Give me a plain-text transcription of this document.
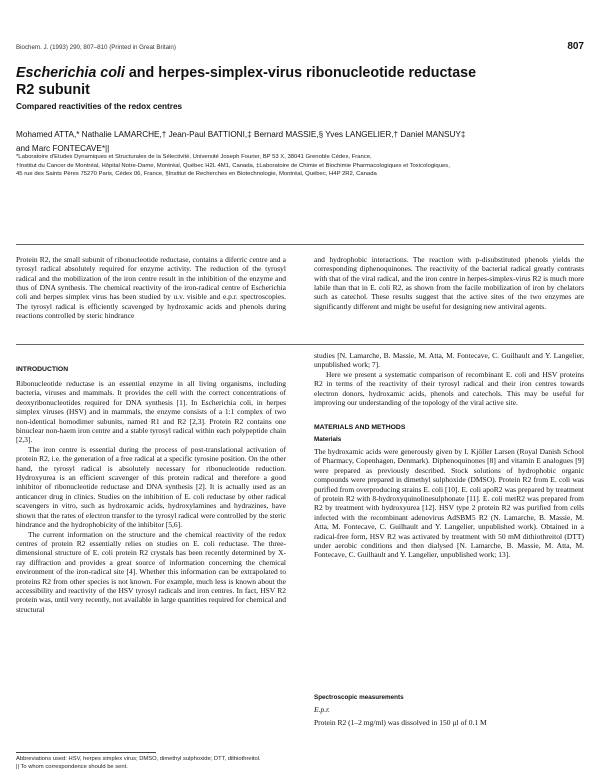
Biochem. J. (1993) 290, 807–810 (Printed in Great Britain)	807
Escherichia coli and herpes-simplex-virus ribonucleotide reductase
R2 subunit
Compared reactivities of the redox centres
Mohamed ATTA,* Nathalie LAMARCHE,† Jean-Paul BATTIONI,‡ Bernard MASSIE,§ Yves LANGELIER,† Daniel MANSUY‡
and Marc FONTECAVE*||
*Laboratoire d'Etudes Dynamiques et Structurales de la Sélectivité, Université Joseph Fourier, BP 53 X, 38041 Grenoble Cédex, France,
†Institut du Cancer de Montréal, Hôpital Notre-Dame, Montréal, Québec H2L 4M1, Canada, ‡Laboratoire de Chimie et Biochimie Pharmacologiques et Toxicologiques,
45 rue des Saints Pères 75270 Paris, Cédex 06, France, §Institut de Recherches en Biotechnologie, Montréal, Québec, H4P 2R2, Canada
Protein R2, the small subunit of ribonucleotide reductase, contains a diferric centre and a tyrosyl radical absolutely required for enzyme activity. The reduction of the tyrosyl radical and the mobilization of the iron centre result in the inhibition of the enzyme and thus of DNA synthesis. The chemical reactivity of the iron-radical centre of Escherichia coli and herpes simplex virus has been studied by u.v. visible and e.p.r. spectroscopies. The tyrosyl radical is efficiently scavenged by hydroxamic acids and phenols during reactions controlled by steric hindrance
and hydrophobic interactions. The reaction with p-disubstituted phenols yields the corresponding diphenoquinones. The reactivity of the bacterial radical greatly contrasts with that of the viral radical, and the iron centre in herpes-simplex-virus R2 is much more labile than that in E. coli R2, as shown from the facile mobilization of iron by chelators such as catechol. These results suggest that the active sites of the two enzymes are significantly different and might be useful for designing new antiviral agents.
INTRODUCTION

Ribonucleotide reductase is an essential enzyme in all living organisms, including bacteria, viruses and mammals. It provides the cell with the correct concentrations of deoxyribonucleotides required for DNA synthesis [1]. In Escherichia coli, in herpes simplex viruses (HSV) and in mammals, the enzyme consists of a 1:1 complex of two non-identical homodimer subunits, named R1 and R2 [2,3]. Protein R2 contains one binuclear non-haem iron centre and a stable tyrosyl radical within each polypeptide chain [2,3].

The iron centre is essential during the process of post-translational activation of protein R2, i.e. the generation of a free radical at a specific tyrosine position. On the other hand, the tyrosyl radical is absolutely necessary for ribonucleotide reduction. Hydroxyurea is an efficient scavenger of this protein radical and therefore a good inhibitor of ribonucleotide reductase and DNA synthesis [2]. It is actually used as an anticancer drug in clinics. Studies on the inhibition of E. coli reductase by other radical scavengers in vitro, such as hydroxamic acids, hydroxylamines and hydrazines, have shown that the rates of electron transfer to the tyrosyl radical were controlled by the steric hindrance and the hydrophobicity of the inhibitor [5,6].

The current information on the structure and the chemical reactivity of the redox centres of protein R2 essentially relies on studies on E. coli reductase. The three-dimensional structure of E. coli protein R2 crystals has been recently determined by X-ray diffraction and provides a great source of information concerning the chemical environment of the iron-radical site [4]. Whether this information can be extrapolated to proteins R2 from other species is not known. For example, much less is known about the accessibility and reactivity of the HSV tyrosyl radicals and iron centres. In fact, HSV R2 protein was, until very recently, not available in large quantities required for chemical and structural

studies [N. Lamarche, B. Massie, M. Atta, M. Fontecave, C. Guilhault and Y. Langelier, unpublished work; 7].

Here we present a systematic comparison of recombinant E. coli and HSV proteins R2 in terms of the reactivity of their tyrosyl radical and their iron centres towards electron donors, hydroxamic acids, phenols and catechols. This may be useful for improving our understanding of the topology of the viral active site.

MATERIALS AND METHODS
Materials

The hydroxamic acids were generously given by I. Kjöller Larsen (Royal Danish School of Pharmacy, Copenhagen, Denmark). Diphenoquinones [8] and vitamin E analogues [9] were prepared as previously described. Stock solutions of hydrophobic organic compounds were prepared in dimethyl sulphoxide (DMSO). Protein R2 from E. coli was purified from overproducing strains E. coli [10]. E. coli apoR2 was prepared by treatment of protein R2 with 8-hydroxyquinolinesulphonate [11]. E. coli metR2 was prepared from R2 by treatment with hydroxyurea [12]. HSV type 2 protein R2 was purified from cells infected with the recombinant adenovirus AdSBM5 R2 (N. Lamarche, B. Massie, M. Atta, M. Fontecave, C. Guilhault and Y. Langelier, unpublished work). Obtained in a radical-free form, HSV R2 was activated by treatment with 50 mM dithiothreitol (DTT) under aerobic conditions and then dialysed [N. Lamarche, B. Massie, M. Atta, M. Fontecave, C. Guilhault and Y. Langelier, unpublished work; 13].

Spectroscopic measurements
E.p.r.

Protein R2 (1–2 mg/ml) was dissolved in 150 µl of 0.1 M

Abbreviations used: HSV, herpes simplex virus; DMSO, dimethyl sulphoxide; DTT, dithiothreitol.
|| To whom correspondence should be sent.
